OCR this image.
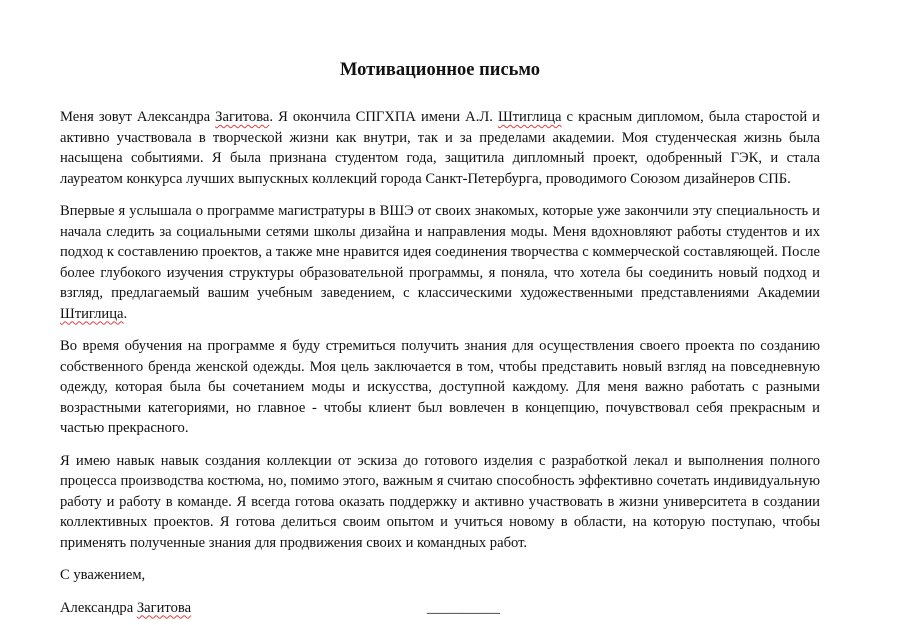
Мотивационное письмо

Меня зовут Александра Загитова. Я окончила СПГХПА имени А.Л. Штиглица с красным дипломом, была старостой и активно участвовала в творческой жизни как внутри, так и за пределами академии. Моя студенческая жизнь была насыщена событиями. Я была признана студентом года, защитила дипломный проект, одобренный ГЭК, и стала лауреатом конкурса лучших выпускных коллекций города Санкт-Петербурга, проводимого Союзом дизайнеров СПБ.

Впервые я услышала о программе магистратуры в ВШЭ от своих знакомых, которые уже закончили эту специальность и начала следить за социальными сетями школы дизайна и направления моды. Меня вдохновляют работы студентов и их подход к составлению проектов, а также мне нравится идея соединения творчества с коммерческой составляющей. После более глубокого изучения структуры образовательной программы, я поняла, что хотела бы соединить новый подход и взгляд, предлагаемый вашим учебным заведением, с классическими художественными представлениями Академии Штиглица.

Во время обучения на программе я буду стремиться получить знания для осуществления своего проекта по созданию собственного бренда женской одежды. Моя цель заключается в том, чтобы представить новый взгляд на повседневную одежду, которая была бы сочетанием моды и искусства, доступной каждому. Для меня важно работать с разными возрастными категориями, но главное - чтобы клиент был вовлечен в концепцию, почувствовал себя прекрасным и частью прекрасного.

Я имею навык навык создания коллекции от эскиза до готового изделия с разработкой лекал и выполнения полного процесса производства костюма, но, помимо этого, важным я считаю способность эффективно сочетать индивидуальную работу и работу в команде. Я всегда готова оказать поддержку и активно участвовать в жизни университета в создании коллективных проектов. Я готова делиться своим опытом и учиться новому в области, на которую поступаю, чтобы применять полученные знания для продвижения своих и командных работ.

С уважением,

Александра Загитова	__________
